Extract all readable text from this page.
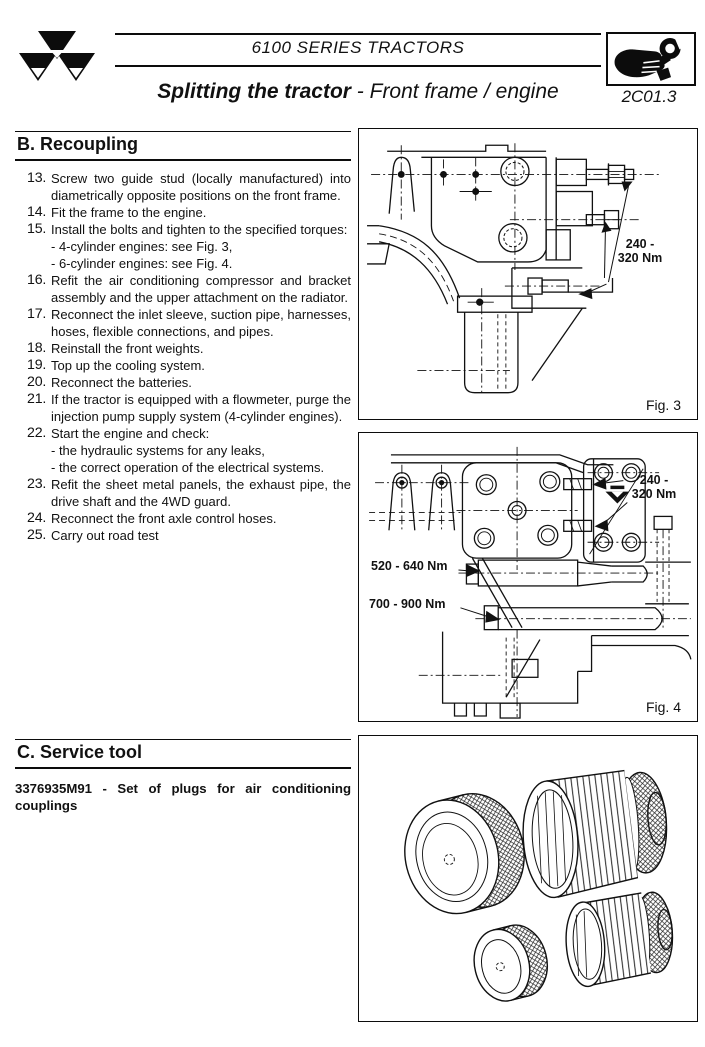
6100 SERIES TRACTORS
Splitting the tractor - Front frame / engine	2C01.3
B. Recoupling
13. Screw two guide stud (locally manufactured) into diametrically opposite positions on the front frame.
14. Fit the frame to the engine.
15. Install the bolts and tighten to the specified torques:
- 4-cylinder engines: see Fig. 3,
- 6-cylinder engines: see Fig. 4.
16. Refit the air conditioning compressor and bracket assembly and the upper attachment on the radiator.
17. Reconnect the inlet sleeve, suction pipe, harnesses, hoses, flexible connections, and pipes.
18. Reinstall the front weights.
19. Top up the cooling system.
20. Reconnect the batteries.
21. If the tractor is equipped with a flowmeter, purge the injection pump supply system (4-cylinder engines).
22. Start the engine and check:
- the hydraulic systems for any leaks,
- the correct operation of the electrical systems.
23. Refit the sheet metal panels, the exhaust pipe, the drive shaft and the 4WD guard.
24. Reconnect the front axle control hoses.
25. Carry out road test
C. Service tool
3376935M91 - Set of plugs for air conditioning
couplings
240 -
320 Nm
Fig. 3
240 -
320 Nm
520 - 640 Nm
700 - 900 Nm
Fig. 4
